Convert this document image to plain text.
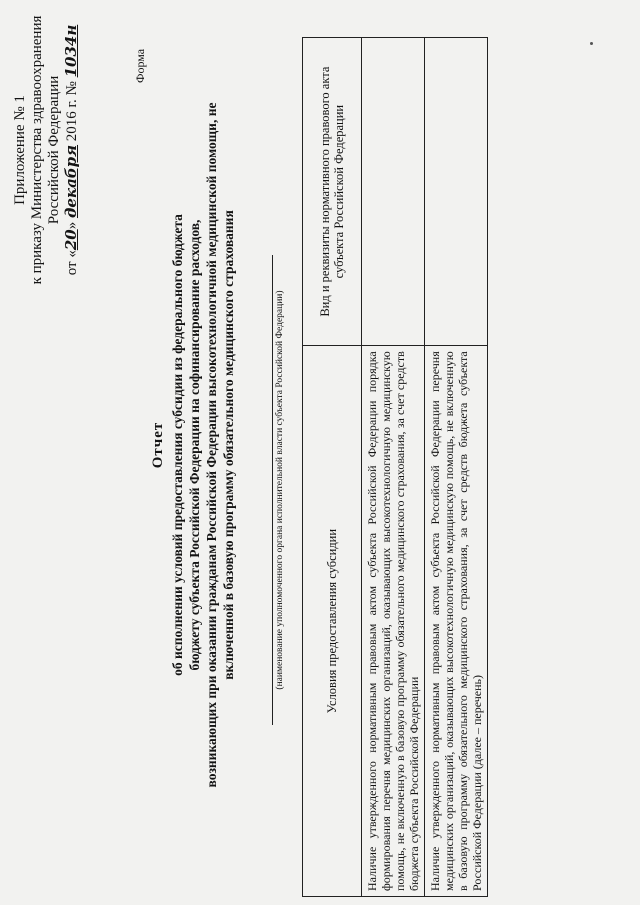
Приложение № 1 к приказу Министерства здравоохранения Российской Федерации
от «20» декабря 2016 г. № 1034н	Форма
Отчет об исполнении условий предоставления субсидии из федерального бюджета бюджету субъекта Российской Федерации на софинансирование расходов, возникающих при оказании гражданам Российской Федерации высокотехнологичной медицинской помощи, не включенной в базовую программу обязательного медицинского страхования	(наименование уполномоченного органа исполнительной власти субъекта Российской Федерации)	Условия предоставления субсидии	Вид и реквизиты нормативного правового акта субъекта Российской Федерации
Наличие утвержденного нормативным правовым актом субъекта Российской Федерации порядка формирования перечня медицинских организаций, оказывающих высокотехнологичную медицинскую помощь, не включенную в базовую программу обязательного медицинского страхования, за счет средств бюджета субъекта Российской Федерации	
Наличие утвержденного нормативным правовым актом субъекта Российской Федерации перечня медицинских организаций, оказывающих высокотехнологичную медицинскую помощь, не включенную в базовую программу обязательного медицинского страхования, за счет средств бюджета субъекта Российской Федерации (далее – перечень)	
